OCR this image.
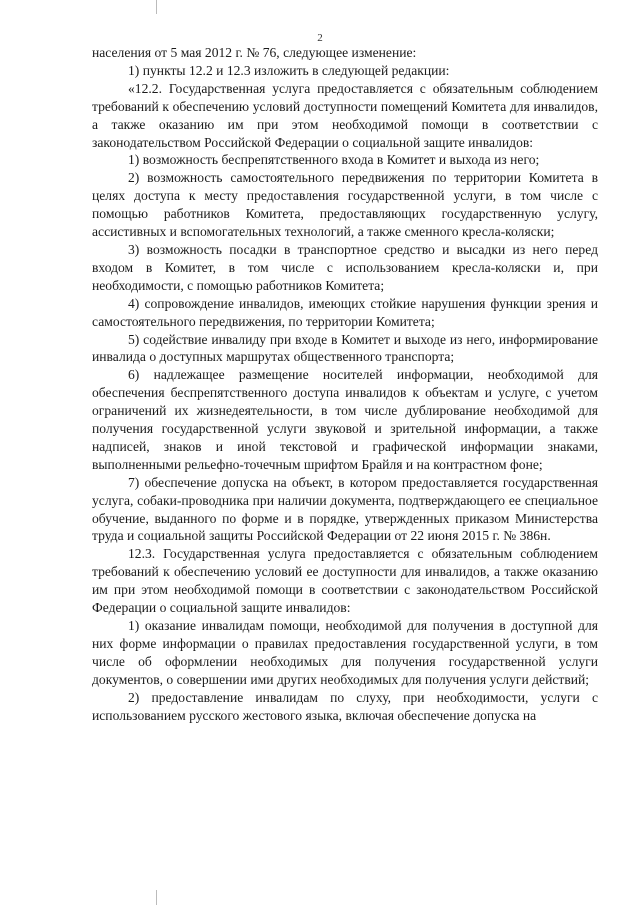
2

населения от 5 мая 2012 г. № 76, следующее изменение:

1) пункты 12.2 и 12.3 изложить в следующей редакции:

«12.2. Государственная услуга предоставляется с обязательным соблюдением требований к обеспечению условий доступности помещений Комитета для инвалидов, а также оказанию им при этом необходимой помощи в соответствии с законодательством Российской Федерации о социальной защите инвалидов:

1) возможность беспрепятственного входа в Комитет и выхода из него;

2) возможность самостоятельного передвижения по территории Комитета в целях доступа к месту предоставления государственной услуги, в том числе с помощью работников Комитета, предоставляющих государственную услугу, ассистивных и вспомогательных технологий, а также сменного кресла-коляски;

3) возможность посадки в транспортное средство и высадки из него перед входом в Комитет, в том числе с использованием кресла-коляски и, при необходимости, с помощью работников Комитета;

4) сопровождение инвалидов, имеющих стойкие нарушения функции зрения и самостоятельного передвижения, по территории Комитета;

5) содействие инвалиду при входе в Комитет и выходе из него, информирование инвалида о доступных маршрутах общественного транспорта;

6) надлежащее размещение носителей информации, необходимой для обеспечения беспрепятственного доступа инвалидов к объектам и услуге, с учетом ограничений их жизнедеятельности, в том числе дублирование необходимой для получения государственной услуги звуковой и зрительной информации, а также надписей, знаков и иной текстовой и графической информации знаками, выполненными рельефно-точечным шрифтом Брайля и на контрастном фоне;

7) обеспечение допуска на объект, в котором предоставляется государственная услуга, собаки-проводника при наличии документа, подтверждающего ее специальное обучение, выданного по форме и в порядке, утвержденных приказом Министерства труда и социальной защиты Российской Федерации от 22 июня 2015 г. № 386н.

12.3. Государственная услуга предоставляется с обязательным соблюдением требований к обеспечению условий ее доступности для инвалидов, а также оказанию им при этом необходимой помощи в соответствии с законодательством Российской Федерации о социальной защите инвалидов:

1) оказание инвалидам помощи, необходимой для получения в доступной для них форме информации о правилах предоставления государственной услуги, в том числе об оформлении необходимых для получения государственной услуги документов, о совершении ими других необходимых для получения услуги действий;

2) предоставление инвалидам по слуху, при необходимости, услуги с использованием русского жестового языка, включая обеспечение допуска на
